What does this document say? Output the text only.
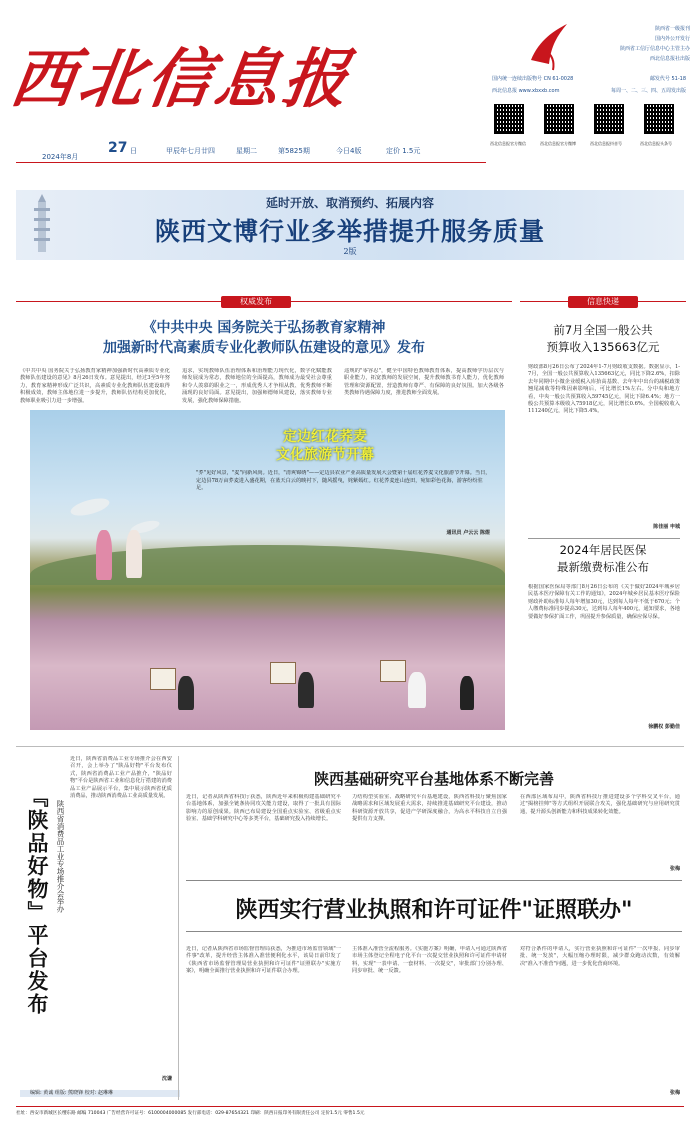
西北信息报
陕西省一级报刊
国内外公开发行
陕西省工信厅信息中心主管主办
西北信息报社出版
国内统一连续出版物号 CN 61-0028	邮发代号 51-18
西北信息报 www.xbxxb.com	每周一、二、三、四、五周发出版
西北信息报官方微信	西北信息报官方微博	西北信息报抖音号	西北信息报头条号
27 日
2024年8月
甲辰年七月廿四	星期二	第5825期	今日4版	定价 1.5元
延时开放、取消预约、拓展内容
陕西文博行业多举措提升服务质量
2版
权威发布
《中共中央 国务院关于弘扬教育家精神
加强新时代高素质专业化教师队伍建设的意见》发布
《中共中央 国务院关于弘扬教育家精神加强新时代高素质专业化教师队伍建设的意见》8月26日发布。意见提出，经过3至5年努力，教育家精神形成广泛共识，高素质专业化教师队伍建设取得积极成效，教师主体地位进一步提升，教师队伍结构更加优化，教师职业吸引力进一步增强。
追求，实现教师队伍治理体系和治理能力现代化，数字化赋能教师发展成为常态，教师地位的全面提高，教师成为最受社会尊重和令人羡慕的职业之一，形成优秀人才争相从教、优秀教师不断涌现的良好局面。意见提出，加强师德师风建设，落实教师专业发展，强化教师保障措施。
违规的"零容忍"，健全中国特色教师教育体系，提高教师学历层次与职业能力，拓宽教师的发展空间，提升教师教书育人能力，优化教师管理和资源配置，营造教师有尊严、有保障的良好氛围。加大各级各类教师待遇保障力度，推进教师全面发展。
定边红花荞麦
文化旅游节开幕
"荞"见好风景，"麦"向新风尚。近日，"清爽锦绣"——定边县农业产业高质量发展大会暨第十届红花荞麦文化旅游节开幕。当日，定边县78万亩荞麦进入盛花期，在蓝天白云的映衬下，随风摇曳，姹紫嫣红。红花荞麦连山连田，宛如彩色花海，游客纷纷驻足。
通讯员 卢云云 陈煜
信息快递
前7月全国一般公共
预算收入135663亿元
财政部8月26日公布了2024年1-7月财政收支数据。数据显示，1-7月，全国一般公共预算收入135663亿元，同比下降2.6%，扣除去年同期中小微企业缓税入库抬高基数、去年年中出台的减税政策翘尾减收等特殊因素影响后，可比增长1%左右。分中央和地方看，中央一般公共预算收入59745亿元，同比下降6.4%；地方一般公共预算本级收入75918亿元，同比增长0.6%。全国税收收入111240亿元，同比下降5.4%。
陈佳丽 申城
2024年居民医保
最新缴费标准公布
根据国家医保局等部门8月26日公布的《关于做好2024年城乡居民基本医疗保障有关工作的通知》，2024年城乡居民基本医疗保险财政补助标准每人每年增加30元，达到每人每年不低于670元；个人缴费标准同步提高30元，达到每人每年400元。通知要求，各地要做好参保扩面工作，巩固提升参保质量，确保应保尽保。
徐鹏权 彭勤佳
『陕品好物』平台发布 陕西省消费品工业专场推介会举办
近日，陕西省消费品工业专场推介会在西安召开，会上举办了"陕品好物"平台发布仪式，陕西省消费品工业产品推介，"陕品好物"平台是陕西省工业和信息化厅搭建的消费品工业产品展示平台，集中展示陕西省优质消费品，推动陕西消费品工业高质量发展。
沈谦
编辑: 黄诚 组版: 熊晓锋 校对: 赵琳琳
陕西基础研究平台基地体系不断完善
近日，记者从陕西省科技厅获悉，陕西近年来积极构建基础研究平台基地体系，加强全链条协同攻关能力建设，取得了一批具有国际影响力的原创成果。陕西已布局建设全国重点实验室、省级重点实验室、基础学科研究中心等多类平台，基础研究投入持续增长。
力结构型实验室、战略研究平台基地建设，陕西省科技厅聚焦国家战略需求和区域发展重大需求，持续推进基础研究平台建设，推动科研资源开放共享，促进产学研深度融合，为高水平科技自立自强提供有力支撑。
在西部区域布局中，陕西省科技厅推进建设多个学科交叉平台，通过"揭榜挂帅"等方式组织开展联合攻关，强化基础研究与应用研究贯通，提升源头创新能力和科技成果转化效能。
张梅
陕西实行营业执照和许可证件"证照联办"
近日，记者从陕西省市场监督管理局获悉，为推进市场监管领域"一件事"改革，提升经营主体准入准营便利化水平，该局日前印发了《陕西省市场监督管理局营业执照和许可证件"证照联办"实施方案》，明确全面推行营业执照和许可证件联合办理。
主体准入准营全流程服务。《实施方案》明确，申请人可通过陕西省市场主体登记全程电子化平台一次提交营业执照和许可证件申请材料，实现"一表申请、一套材料、一次提交"，审批部门分别办理、同步审批、统一反馈。
对符合条件的申请人，实行营业执照和许可证件"一次申报、同步审批、统一发放"，大幅压缩办理时限，减少群众跑动次数，有效解决"准入不准营"问题，进一步优化营商环境。
张梅
社址：西安市新城区长缨东路 邮编 710043 广告经营许可证号：6100004000085 发行部电话：029-87654321 印刷：陕西日报印务有限责任公司 定价1.5元 零售1.5元
